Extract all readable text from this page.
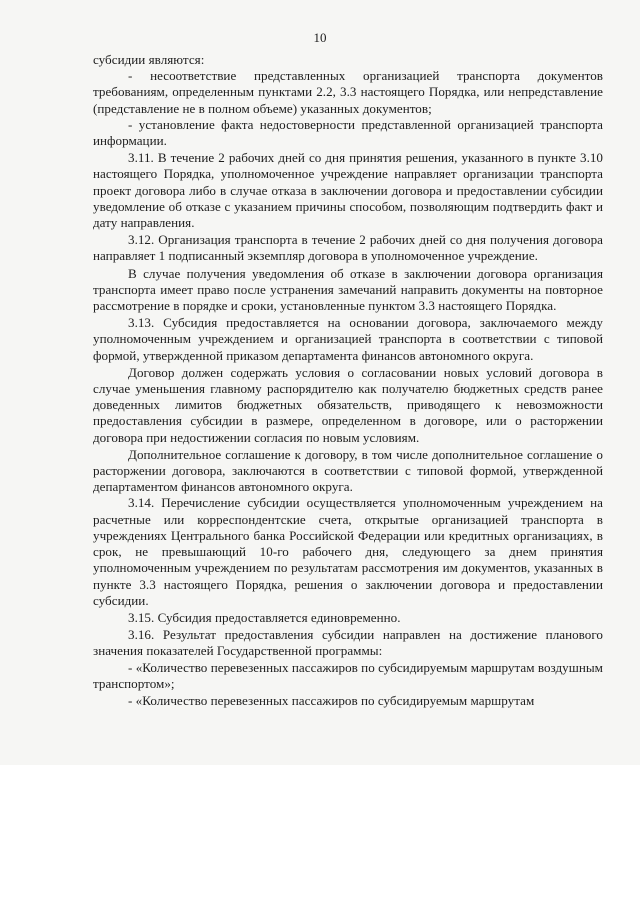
10

субсидии являются:

- несоответствие представленных организацией транспорта документов требованиям, определенным пунктами 2.2, 3.3 настоящего Порядка, или непредставление (представление не в полном объеме) указанных документов;

- установление факта недостоверности представленной организацией транспорта информации.

3.11. В течение 2 рабочих дней со дня принятия решения, указанного в пункте 3.10 настоящего Порядка, уполномоченное учреждение направляет организации транспорта проект договора либо в случае отказа в заключении договора и предоставлении субсидии уведомление об отказе с указанием причины способом, позволяющим подтвердить факт и дату направления.

3.12. Организация транспорта в течение 2 рабочих дней со дня получения договора направляет 1 подписанный экземпляр договора в уполномоченное учреждение.

В случае получения уведомления об отказе в заключении договора организация транспорта имеет право после устранения замечаний направить документы на повторное рассмотрение в порядке и сроки, установленные пунктом 3.3 настоящего Порядка.

3.13. Субсидия предоставляется на основании договора, заключаемого между уполномоченным учреждением и организацией транспорта в соответствии с типовой формой, утвержденной приказом департамента финансов автономного округа.

Договор должен содержать условия о согласовании новых условий договора в случае уменьшения главному распорядителю как получателю бюджетных средств ранее доведенных лимитов бюджетных обязательств, приводящего к невозможности предоставления субсидии в размере, определенном в договоре, или о расторжении договора при недостижении согласия по новым условиям.

Дополнительное соглашение к договору, в том числе дополнительное соглашение о расторжении договора, заключаются в соответствии с типовой формой, утвержденной департаментом финансов автономного округа.

3.14. Перечисление субсидии осуществляется уполномоченным учреждением на расчетные или корреспондентские счета, открытые организацией транспорта в учреждениях Центрального банка Российской Федерации или кредитных организациях, в срок, не превышающий 10-го рабочего дня, следующего за днем принятия уполномоченным учреждением по результатам рассмотрения им документов, указанных в пункте 3.3 настоящего Порядка, решения о заключении договора и предоставлении субсидии.

3.15. Субсидия предоставляется единовременно.

3.16. Результат предоставления субсидии направлен на достижение планового значения показателей Государственной программы:

- «Количество перевезенных пассажиров по субсидируемым маршрутам воздушным транспортом»;

- «Количество перевезенных пассажиров по субсидируемым маршрутам
